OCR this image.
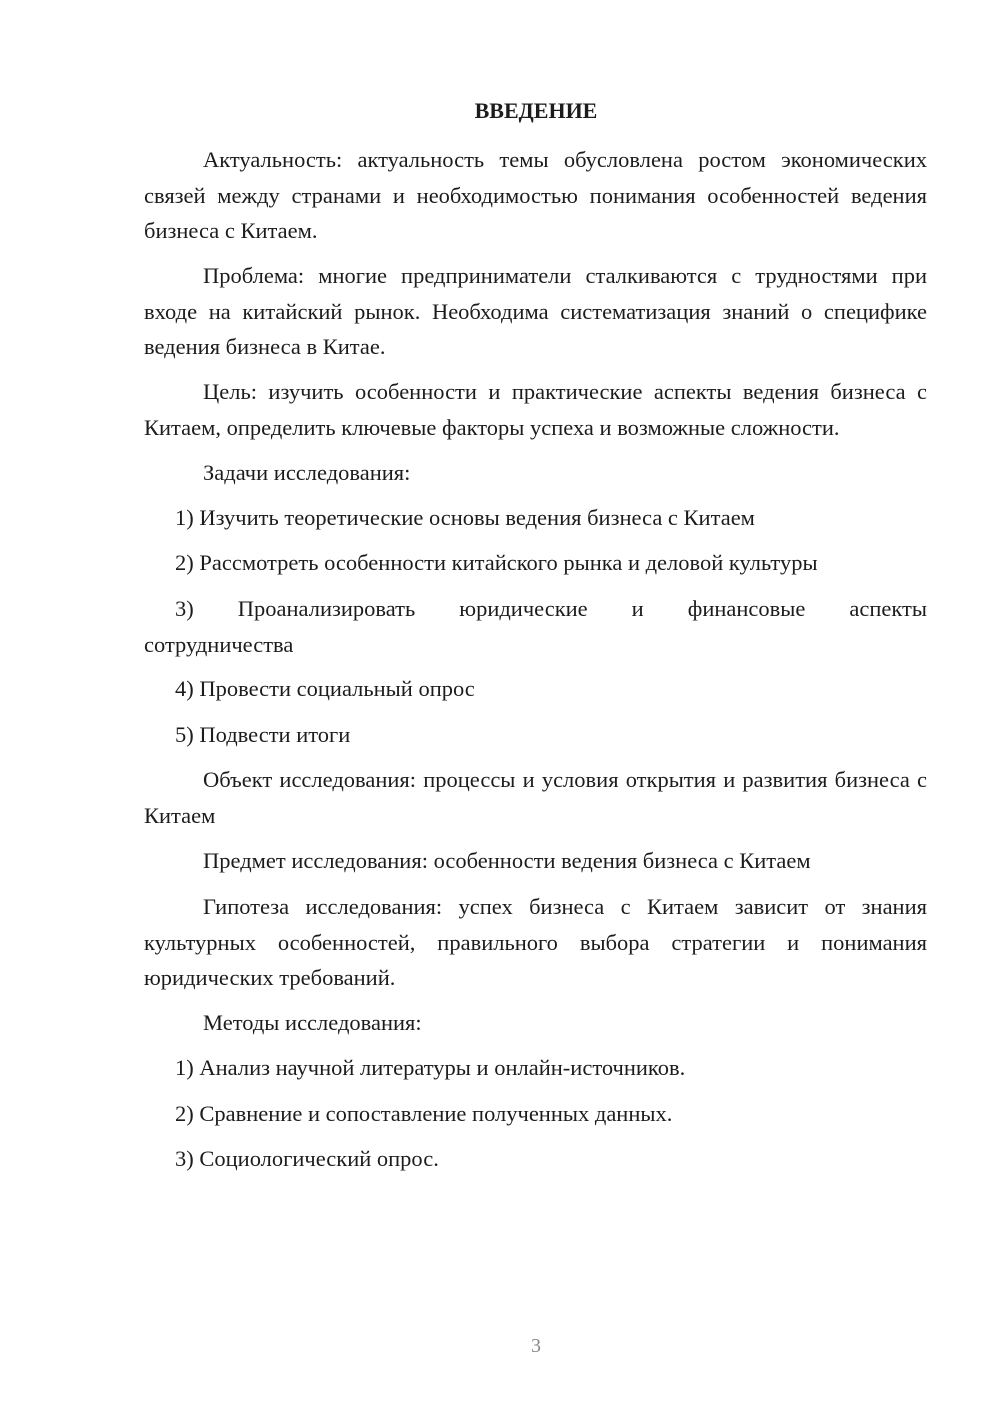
ВВЕДЕНИЕ

Актуальность: актуальность темы обусловлена ростом экономических связей между странами и необходимостью понимания особенностей ведения бизнеса с Китаем.

Проблема: многие предприниматели сталкиваются с трудностями при входе на китайский рынок. Необходима систематизация знаний о специфике ведения бизнеса в Китае.

Цель: изучить особенности и практические аспекты ведения бизнеса с Китаем, определить ключевые факторы успеха и возможные сложности.

Задачи исследования:

1) Изучить теоретические основы ведения бизнеса с Китаем

2) Рассмотреть особенности китайского рынка и деловой культуры

3) Проанализировать юридические и финансовые аспекты сотрудничества

4) Провести социальный опрос

5) Подвести итоги

Объект исследования: процессы и условия открытия и развития бизнеса с Китаем

Предмет исследования: особенности ведения бизнеса с Китаем

Гипотеза исследования: успех бизнеса с Китаем зависит от знания культурных особенностей, правильного выбора стратегии и понимания юридических требований.

Методы исследования:

1) Анализ научной литературы и онлайн-источников.

2) Сравнение и сопоставление полученных данных.

3) Социологический опрос.

3
